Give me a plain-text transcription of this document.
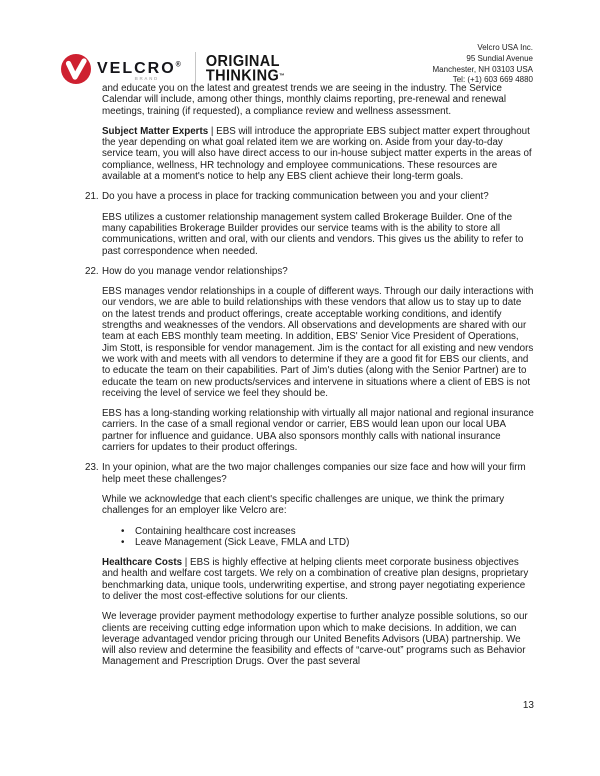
VELCRO®
BRAND
ORIGINAL
THINKING™
Velcro USA Inc.
95 Sundial Avenue
Manchester, NH 03103 USA
Tel: (+1) 603 669 4880

and educate you on the latest and greatest trends we are seeing in the industry. The Service Calendar will include, among other things, monthly claims reporting, pre-renewal and renewal meetings, training (if requested), a compliance review and wellness assessment.

Subject Matter Experts | EBS will introduce the appropriate EBS subject matter expert throughout the year depending on what goal related item we are working on. Aside from your day-to-day service team, you will also have direct access to our in-house subject matter experts in the areas of compliance, wellness, HR technology and employee communications. These resources are available at a moment's notice to help any EBS client achieve their long-term goals.

21. Do you have a process in place for tracking communication between you and your client?

EBS utilizes a customer relationship management system called Brokerage Builder. One of the many capabilities Brokerage Builder provides our service teams with is the ability to store all communications, written and oral, with our clients and vendors. This gives us the ability to refer to past correspondence when needed.

22. How do you manage vendor relationships?

EBS manages vendor relationships in a couple of different ways. Through our daily interactions with our vendors, we are able to build relationships with these vendors that allow us to stay up to date on the latest trends and product offerings, create acceptable working conditions, and identify strengths and weaknesses of the vendors. All observations and developments are shared with our team at each EBS monthly team meeting. In addition, EBS' Senior Vice President of Operations, Jim Stott, is responsible for vendor management. Jim is the contact for all existing and new vendors we work with and meets with all vendors to determine if they are a good fit for EBS our clients, and to educate the team on their capabilities. Part of Jim's duties (along with the Senior Partner) are to educate the team on new products/services and intervene in situations where a client of EBS is not receiving the level of service we feel they should be.

EBS has a long-standing working relationship with virtually all major national and regional insurance carriers. In the case of a small regional vendor or carrier, EBS would lean upon our local UBA partner for influence and guidance. UBA also sponsors monthly calls with national insurance carriers for updates to their product offerings.

23. In your opinion, what are the two major challenges companies our size face and how will your firm help meet these challenges?

While we acknowledge that each client's specific challenges are unique, we think the primary challenges for an employer like Velcro are:

•	Containing healthcare cost increases
•	Leave Management (Sick Leave, FMLA and LTD)

Healthcare Costs | EBS is highly effective at helping clients meet corporate business objectives and health and welfare cost targets. We rely on a combination of creative plan designs, proprietary benchmarking data, unique tools, underwriting expertise, and strong payer negotiating experience to deliver the most cost-effective solutions for our clients.

We leverage provider payment methodology expertise to further analyze possible solutions, so our clients are receiving cutting edge information upon which to make decisions. In addition, we can leverage advantaged vendor pricing through our United Benefits Advisors (UBA) partnership. We will also review and determine the feasibility and effects of “carve-out” programs such as Behavior Management and Prescription Drugs. Over the past several

13
